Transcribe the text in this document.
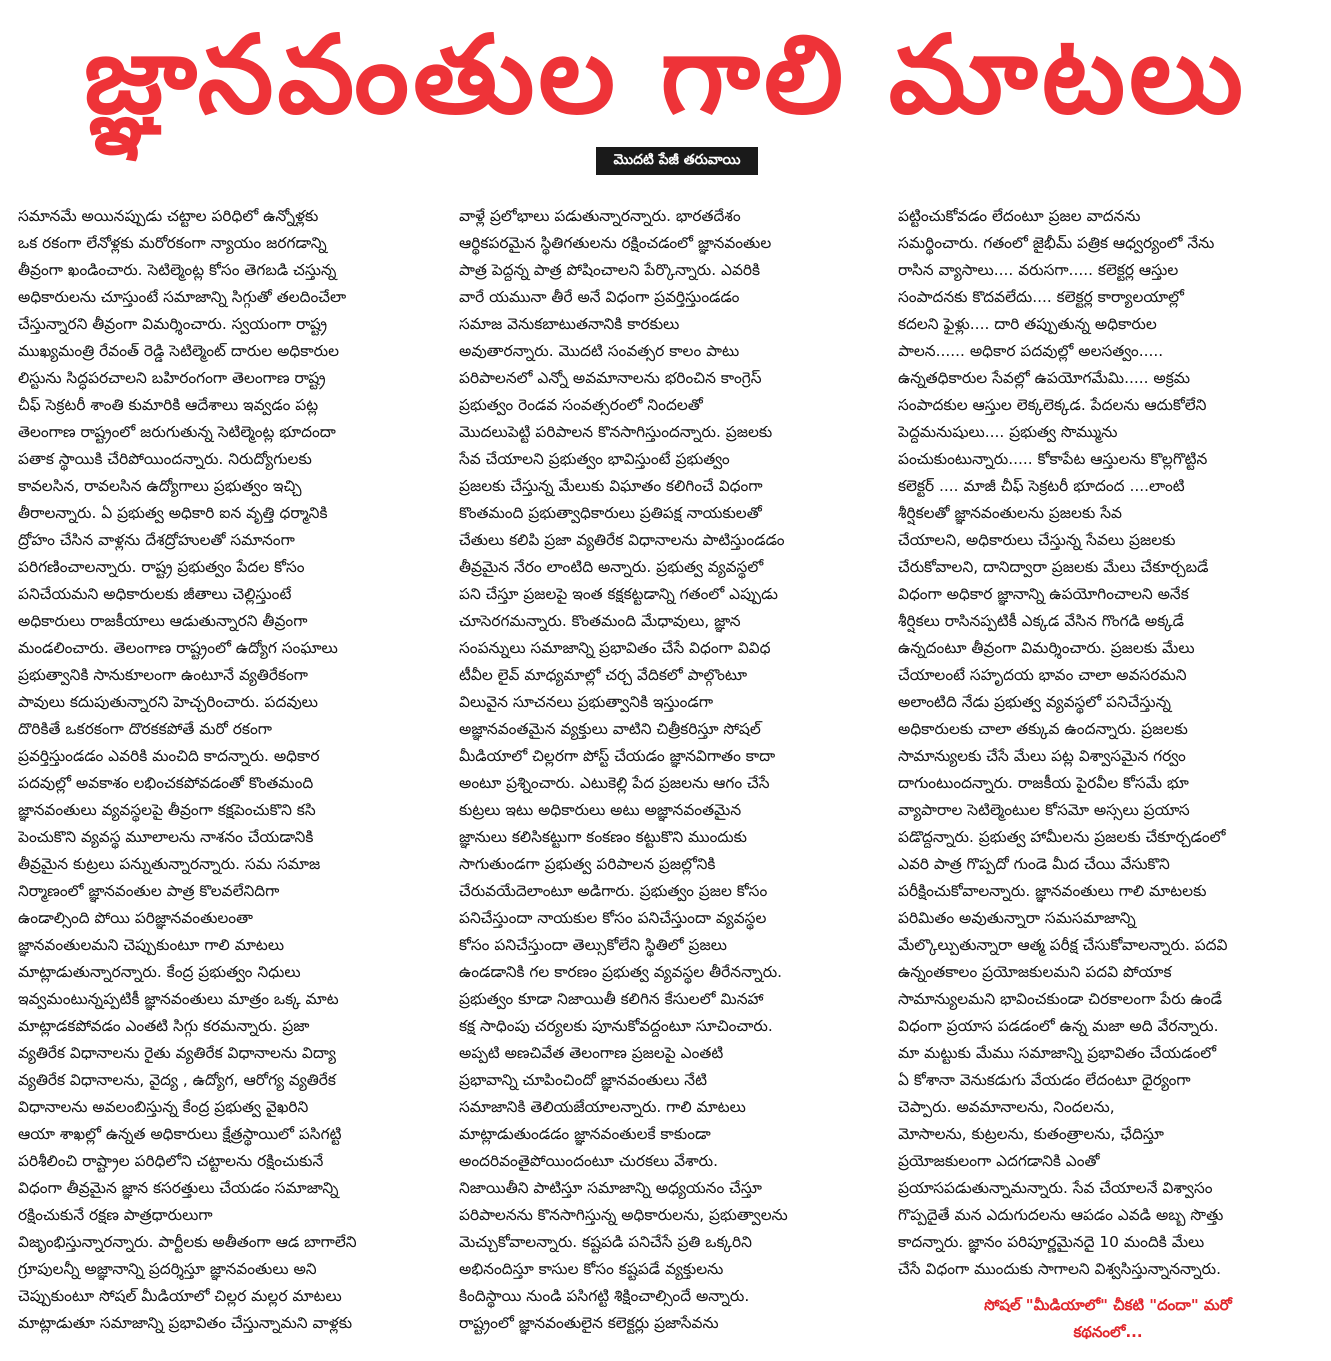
జ్ఞానవంతుల గాలి మాటలు
మొదటి పేజీ తరువాయి
సమానమే అయినప్పుడు చట్టాల పరిధిలో ఉన్నోళ్లకు
ఒక రకంగా లేనోళ్లకు మరోరకంగా న్యాయం జరగడాన్ని
తీవ్రంగా ఖండించారు. సెటిల్మెంట్ల కోసం తెగబడి చస్తున్న
అధికారులను చూస్తుంటే సమాజాన్ని సిగ్గుతో తలదించేలా
చేస్తున్నారని తీవ్రంగా విమర్శించారు. స్వయంగా రాష్ట్ర
ముఖ్యమంత్రి రేవంత్ రెడ్డి సెటిల్మెంట్ దారుల అధికారుల
లిస్టును సిద్ధపరచాలని బహిరంగంగా తెలంగాణ రాష్ట్ర
చీఫ్ సెక్రటరీ శాంతి కుమారికి ఆదేశాలు ఇవ్వడం పట్ల
తెలంగాణ రాష్ట్రంలో జరుగుతున్న సెటిల్మెంట్ల భూదందా
పతాక స్థాయికి చేరిపోయిందన్నారు. నిరుద్యోగులకు
కావలసిన, రావలసిన ఉద్యోగాలు ప్రభుత్వం ఇచ్చి
తీరాలన్నారు. ఏ ప్రభుత్వ అధికారి ఐన వృత్తి ధర్మానికి
ద్రోహం చేసిన వాళ్లను దేశద్రోహులతో సమానంగా
పరిగణించాలన్నారు. రాష్ట్ర ప్రభుత్వం పేదల కోసం
పనిచేయమని అధికారులకు జీతాలు చెల్లిస్తుంటే
అధికారులు రాజకీయాలు ఆడుతున్నారని తీవ్రంగా
మండలించారు. తెలంగాణ రాష్ట్రంలో ఉద్యోగ సంఘాలు
ప్రభుత్వానికి సానుకూలంగా ఉంటూనే వ్యతిరేకంగా
పావులు కదుపుతున్నారని హెచ్చరించారు. పదవులు
దొరికితే ఒకరకంగా దొరకకపోతే మరో రకంగా
ప్రవర్తిస్తుండడం ఎవరికి మంచిది కాదన్నారు. అధికార
పదవుల్లో అవకాశం లభించకపోవడంతో కొంతమంది
జ్ఞానవంతులు వ్యవస్థలపై తీవ్రంగా కక్షపెంచుకొని కసి
పెంచుకొని వ్యవస్థ మూలాలను నాశనం చేయడానికి
తీవ్రమైన కుట్రలు పన్నుతున్నారన్నారు. సమ సమాజ
నిర్మాణంలో జ్ఞానవంతుల పాత్ర కొలవలేనిదిగా
ఉండాల్సింది పోయి పరిజ్ఞానవంతులంతా
జ్ఞానవంతులమని చెప్పుకుంటూ గాలి మాటలు
మాట్లాడుతున్నారన్నారు. కేంద్ర ప్రభుత్వం నిధులు
ఇవ్వమంటున్నప్పటికీ జ్ఞానవంతులు మాత్రం ఒక్క మాట
మాట్లాడకపోవడం ఎంతటి సిగ్గు కరమన్నారు. ప్రజా
వ్యతిరేక విధానాలను రైతు వ్యతిరేక విధానాలను విద్యా
వ్యతిరేక విధానాలను, వైద్య , ఉద్యోగ, ఆరోగ్య వ్యతిరేక
విధానాలను అవలంబిస్తున్న కేంద్ర ప్రభుత్వ వైఖరిని
ఆయా శాఖల్లో ఉన్నత అధికారులు క్షేత్రస్థాయిలో పసిగట్టి
పరిశీలించి రాష్ట్రాల పరిధిలోని చట్టాలను రక్షించుకునే
విధంగా తీవ్రమైన జ్ఞాన కసరత్తులు చేయడం సమాజాన్ని
రక్షించుకునే రక్షణ పాత్రధారులుగా
విజృంభిస్తున్నారన్నారు. పార్టీలకు అతీతంగా ఆడ బాగాలేని
గ్రూపులన్నీ అజ్ఞానాన్ని ప్రదర్శిస్తూ జ్ఞానవంతులు అని
చెప్పుకుంటూ సోషల్ మీడియాలో చిల్లర మల్లర మాటలు
మాట్లాడుతూ సమాజాన్ని ప్రభావితం చేస్తున్నామని వాళ్లకు
వాళ్లే ప్రలోభాలు పడుతున్నారన్నారు. భారతదేశం
ఆర్థికపరమైన స్థితిగతులను రక్షించడంలో జ్ఞానవంతుల
పాత్ర పెద్దన్న పాత్ర పోషించాలని పేర్కొన్నారు. ఎవరికి
వారే యమునా తీరే అనే విధంగా ప్రవర్తిస్తుండడం
సమాజ వెనుకబాటుతనానికి కారకులు
అవుతారన్నారు. మొదటి సంవత్సర కాలం పాటు
పరిపాలనలో ఎన్నో అవమానాలను భరించిన కాంగ్రెస్
ప్రభుత్వం రెండవ సంవత్సరంలో నిందలతో
మొదలుపెట్టి పరిపాలన కొనసాగిస్తుందన్నారు. ప్రజలకు
సేవ చేయాలని ప్రభుత్వం భావిస్తుంటే ప్రభుత్వం
ప్రజలకు చేస్తున్న మేలుకు విఘాతం కలిగించే విధంగా
కొంతమంది ప్రభుత్వాధికారులు ప్రతిపక్ష నాయకులతో
చేతులు కలిపి ప్రజా వ్యతిరేక విధానాలను పాటిస్తుండడం
తీవ్రమైన నేరం లాంటిది అన్నారు. ప్రభుత్వ వ్యవస్థలో
పని చేస్తూ ప్రజలపై ఇంత కక్షకట్టడాన్ని గతంలో ఎప్పుడు
చూసెరగమన్నారు. కొంతమంది మేధావులు, జ్ఞాన
సంపన్నులు సమాజాన్ని ప్రభావితం చేసే విధంగా వివిధ
టీవీల లైవ్ మాధ్యమాల్లో చర్చ వేదికలో పాల్గొంటూ
విలువైన సూచనలు ప్రభుత్వానికి ఇస్తుండగా
అజ్ఞానవంతమైన వ్యక్తులు వాటిని చిత్రీకరిస్తూ సోషల్
మీడియాలో చిల్లరగా పోస్ట్ చేయడం జ్ఞానవిగాతం కాదా
అంటూ ప్రశ్నించారు. ఎటుకెల్లి పేద ప్రజలను ఆగం చేసే
కుట్రలు ఇటు అధికారులు అటు అజ్ఞానవంతమైన
జ్ఞానులు కలిసికట్టుగా కంకణం కట్టుకొని ముందుకు
సాగుతుండగా ప్రభుత్వ పరిపాలన ప్రజల్లోనికి
చేరువయేదెలాంటూ అడిగారు. ప్రభుత్వం ప్రజల కోసం
పనిచేస్తుందా నాయకుల కోసం పనిచేస్తుందా వ్యవస్థల
కోసం పనిచేస్తుందా తెల్సుకోలేని స్థితిలో ప్రజలు
ఉండడానికి గల కారణం ప్రభుత్వ వ్యవస్థల తీరేనన్నారు.
ప్రభుత్వం కూడా నిజాయితీ కలిగిన కేసులలో మినహా
కక్ష సాధింపు చర్యలకు పూనుకోవద్దంటూ సూచించారు.
అప్పటి అణచివేత తెలంగాణ ప్రజలపై ఎంతటి
ప్రభావాన్ని చూపించిందో జ్ఞానవంతులు నేటి
సమాజానికి తెలియజేయాలన్నారు. గాలి మాటలు
మాట్లాడుతుండడం జ్ఞానవంతులకే కాకుండా
అందరివంతైపోయిందంటూ చురకలు వేశారు.
నిజాయితీని పాటిస్తూ సమాజాన్ని అధ్యయనం చేస్తూ
పరిపాలనను కొనసాగిస్తున్న అధికారులను, ప్రభుత్వాలను
మెచ్చుకోవాలన్నారు. కష్టపడి పనిచేసే ప్రతి ఒక్కరిని
అభినందిస్తూ కాసుల కోసం కష్టపడే వ్యక్తులను
కిందిస్థాయి నుండి పసిగట్టి శిక్షించాల్సిందే అన్నారు.
రాష్ట్రంలో జ్ఞానవంతులైన కలెక్టర్లు ప్రజాసేవను
పట్టించుకోవడం లేదంటూ ప్రజల వాదనను
సమర్థించారు. గతంలో జైభీమ్ పత్రిక ఆధ్వర్యంలో నేను
రాసిన వ్యాసాలు.... వరుసగా..... కలెక్టర్ల ఆస్తుల
సంపాదనకు కొదవలేదు.... కలెక్టర్ల కార్యాలయాల్లో
కదలని ఫైళ్లు.... దారి తప్పుతున్న అధికారుల
పాలన...... అధికార పదవుల్లో అలసత్వం.....
ఉన్నతధికారుల సేవల్లో ఉపయోగమేమి..... అక్రమ
సంపాదకుల ఆస్తుల లెక్కలెక్కడ. పేదలను ఆదుకోలేని
పెద్దమనుషులు.... ప్రభుత్వ సొమ్మును
పంచుకుంటున్నారు..... కోకాపేట ఆస్తులను కొల్లగొట్టిన
కలెక్టర్ .... మాజీ చీఫ్ సెక్రటరీ భూదంద ....లాంటి
శీర్షికలతో జ్ఞానవంతులను ప్రజలకు సేవ
చేయాలని, అధికారులు చేస్తున్న సేవలు ప్రజలకు
చేరుకోవాలని, దానిద్వారా ప్రజలకు మేలు చేకూర్చబడే
విధంగా అధికార జ్ఞానాన్ని ఉపయోగించాలని అనేక
శీర్షికలు రాసినప్పటికీ ఎక్కడ వేసిన గొంగడి అక్కడే
ఉన్నదంటూ తీవ్రంగా విమర్శించారు. ప్రజలకు మేలు
చేయాలంటే సహృదయ భావం చాలా అవసరమని
అలాంటిది నేడు ప్రభుత్వ వ్యవస్థలో పనిచేస్తున్న
అధికారులకు చాలా తక్కువ ఉందన్నారు. ప్రజలకు
సామాన్యులకు చేసే మేలు పట్ల విశ్వాసమైన గర్వం
దాగుంటుందన్నారు. రాజకీయ పైరవీల కోసమే భూ
వ్యాపారాల సెటిల్మెంటుల కోసమో అస్సలు ప్రయాస
పడొద్దన్నారు. ప్రభుత్వ హామీలను ప్రజలకు చేకూర్చడంలో
ఎవరి పాత్ర గొప్పదో గుండె మీద చేయి వేసుకొని
పరీక్షించుకోవాలన్నారు. జ్ఞానవంతులు గాలి మాటలకు
పరిమితం అవుతున్నారా సమసమాజాన్ని
మేల్కొల్పుతున్నారా ఆత్మ పరీక్ష చేసుకోవాలన్నారు. పదవి
ఉన్నంతకాలం ప్రయోజకులమని పదవి పోయాక
సామాన్యులమని భావించకుండా చిరకాలంగా పేరు ఉండే
విధంగా ప్రయాస పడడంలో ఉన్న మజా అది వేరన్నారు.
మా మట్టుకు మేము సమాజాన్ని ప్రభావితం చేయడంలో
ఏ కోశానా వెనుకడుగు వేయడం లేదంటూ ధైర్యంగా
చెప్పారు. అవమానాలను, నిందలను,
మోసాలను, కుట్రలను, కుతంత్రాలను, ఛేదిస్తూ
ప్రయోజకులంగా ఎదగడానికి ఎంతో
ప్రయాసపడుతున్నామన్నారు. సేవ చేయాలనే విశ్వాసం
గొప్పదైతే మన ఎదుగుదలను ఆపడం ఎవడి అబ్బ సొత్తు
కాదన్నారు. జ్ఞానం పరిపూర్ణమైనదై 10 మందికి మేలు
చేసే విధంగా ముందుకు సాగాలని విశ్వసిస్తున్నానన్నారు.
సోషల్ "మీడియాలో" చీకటి "దందా" మరో
కథనంలో...
